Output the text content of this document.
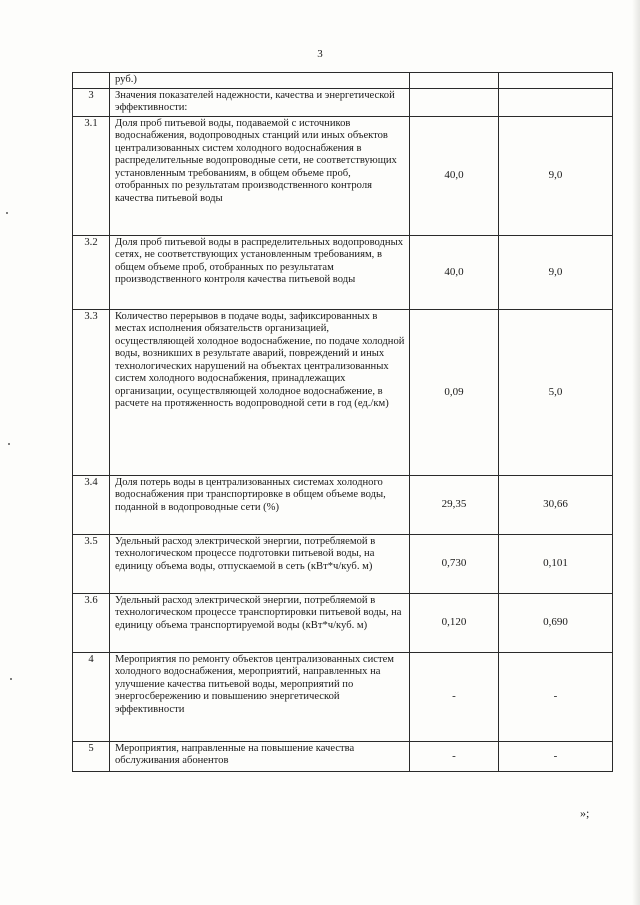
3
	руб.)		
3	Значения показателей надежности, качества и энергетической эффективности:		
3.1	Доля проб питьевой воды, подаваемой с источников водоснабжения, водопроводных станций или иных объектов централизованных систем холодного водоснабжения в распределительные водопроводные сети, не соответствующих установленным требованиям, в общем объеме проб, отобранных по результатам производственного контроля качества питьевой воды	40,0	9,0
3.2	Доля проб питьевой воды в распределительных водопроводных сетях, не соответствующих установленным требованиям, в общем объеме проб, отобранных по результатам производственного контроля качества питьевой воды	40,0	9,0
3.3	Количество перерывов в подаче воды, зафиксированных в местах исполнения обязательств организацией, осуществляющей холодное водоснабжение, по подаче холодной воды, возникших в результате аварий, повреждений и иных технологических нарушений на объектах централизованных систем холодного водоснабжения, принадлежащих организации, осуществляющей холодное водоснабжение, в расчете на протяженность водопроводной сети в год (ед./км)	0,09	5,0
3.4	Доля потерь воды в централизованных системах холодного водоснабжения при транспортировке в общем объеме воды, поданной в водопроводные сети (%)	29,35	30,66
3.5	Удельный расход электрической энергии, потребляемой в технологическом процессе подготовки питьевой воды, на единицу объема воды, отпускаемой в сеть (кВт*ч/куб. м)	0,730	0,101
3.6	Удельный расход электрической энергии, потребляемой в технологическом процессе транспортировки питьевой воды, на единицу объема транспортируемой воды (кВт*ч/куб. м)	0,120	0,690
4	Мероприятия по ремонту объектов централизованных систем холодного водоснабжения, мероприятий, направленных на улучшение качества питьевой воды, мероприятий по энергосбережению и повышению энергетической эффективности	-	-
5	Мероприятия, направленные на повышение качества обслуживания абонентов	-	-
»;
